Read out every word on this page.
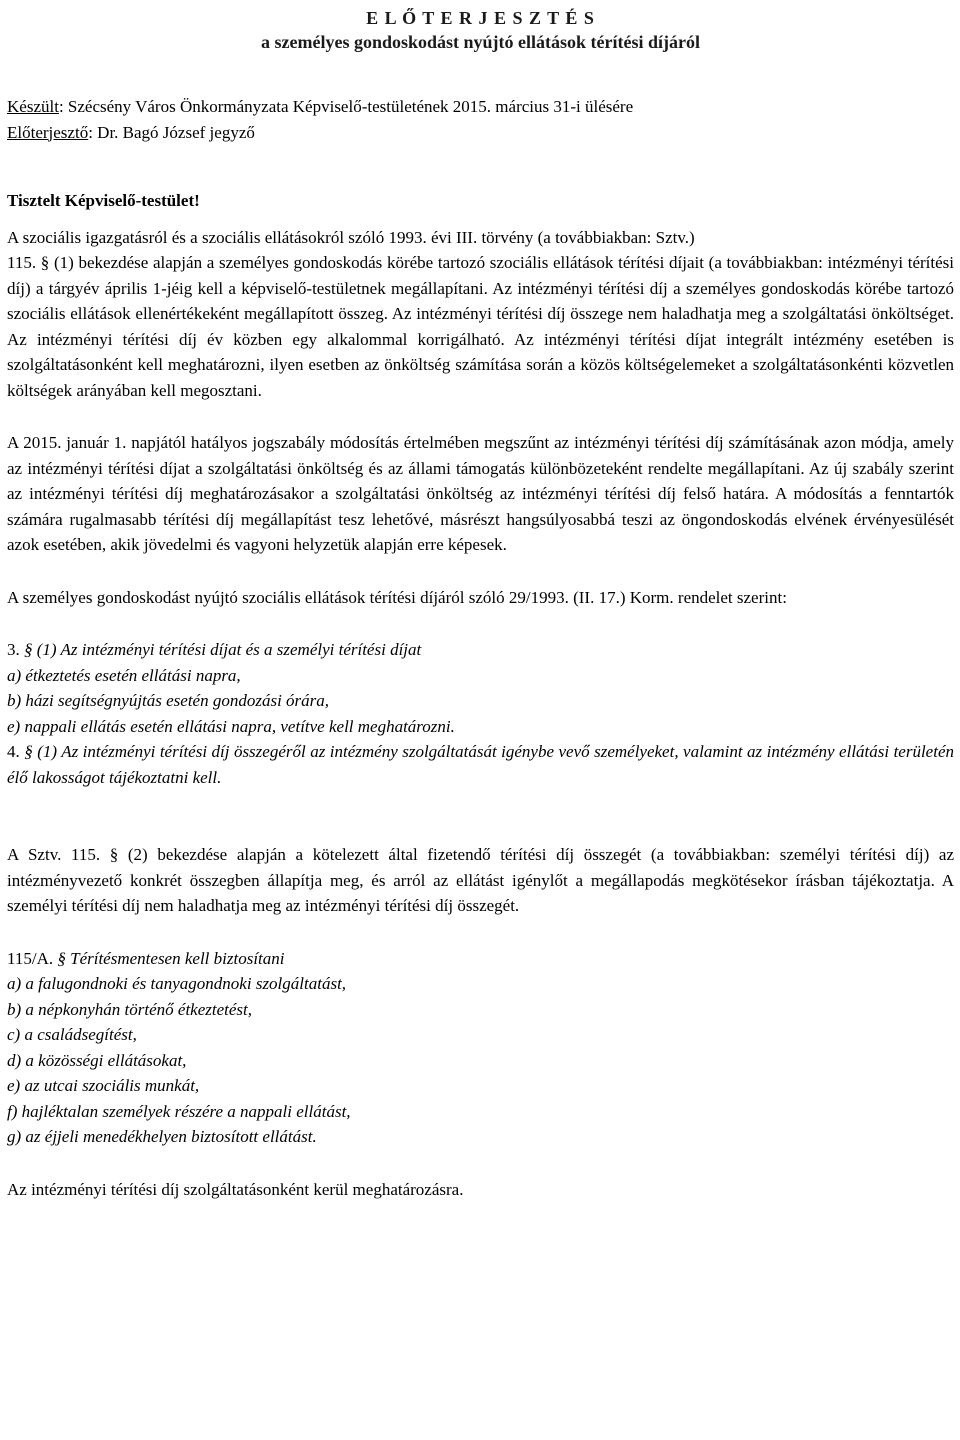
E L Ő T E R J E S Z T É S
a személyes gondoskodást nyújtó ellátások térítési díjáról
Készült: Szécsény Város Önkormányzata Képviselő-testületének 2015. március 31-i ülésére
Előterjesztő: Dr. Bagó József jegyző

Tisztelt Képviselő-testület!

A szociális igazgatásról és a szociális ellátásokról szóló 1993. évi III. törvény (a továbbiakban: Sztv.)

115. § (1) bekezdése alapján a személyes gondoskodás körébe tartozó szociális ellátások térítési díjait (a továbbiakban: intézményi térítési díj) a tárgyév április 1-jéig kell a képviselő-testületnek megállapítani. Az intézményi térítési díj a személyes gondoskodás körébe tartozó szociális ellátások ellenértékeként megállapított összeg. Az intézményi térítési díj összege nem haladhatja meg a szolgáltatási önköltséget. Az intézményi térítési díj év közben egy alkalommal korrigálható. Az intézményi térítési díjat integrált intézmény esetében is szolgáltatásonként kell meghatározni, ilyen esetben az önköltség számítása során a közös költségelemeket a szolgáltatásonkénti közvetlen költségek arányában kell megosztani.

A 2015. január 1. napjától hatályos jogszabály módosítás értelmében megszűnt az intézményi térítési díj számításának azon módja, amely az intézményi térítési díjat a szolgáltatási önköltség és az állami támogatás különbözeteként rendelte megállapítani. Az új szabály szerint az intézményi térítési díj meghatározásakor a szolgáltatási önköltség az intézményi térítési díj felső határa. A módosítás a fenntartók számára rugalmasabb térítési díj megállapítást tesz lehetővé, másrészt hangsúlyosabbá teszi az öngondoskodás elvének érvényesülését azok esetében, akik jövedelmi és vagyoni helyzetük alapján erre képesek.

A személyes gondoskodást nyújtó szociális ellátások térítési díjáról szóló 29/1993. (II. 17.) Korm. rendelet szerint:

3. § (1) Az intézményi térítési díjat és a személyi térítési díjat
a) étkeztetés esetén ellátási napra,
b) házi segítségnyújtás esetén gondozási órára,
e) nappali ellátás esetén ellátási napra, vetítve kell meghatározni.

4. § (1) Az intézményi térítési díj összegéről az intézmény szolgáltatását igénybe vevő személyeket, valamint az intézmény ellátási területén élő lakosságot tájékoztatni kell.

A Sztv. 115. § (2) bekezdése alapján a kötelezett által fizetendő térítési díj összegét (a továbbiakban: személyi térítési díj) az intézményvezető konkrét összegben állapítja meg, és arról az ellátást igénylőt a megállapodás megkötésekor írásban tájékoztatja. A személyi térítési díj nem haladhatja meg az intézményi térítési díj összegét.

115/A. § Térítésmentesen kell biztosítani
a) a falugondnoki és tanyagondnoki szolgáltatást,
b) a népkonyhán történő étkeztetést,
c) a családsegítést,
d) a közösségi ellátásokat,
e) az utcai szociális munkát,
f) hajléktalan személyek részére a nappali ellátást,
g) az éjjeli menedékhelyen biztosított ellátást.

Az intézményi térítési díj szolgáltatásonként kerül meghatározásra.
